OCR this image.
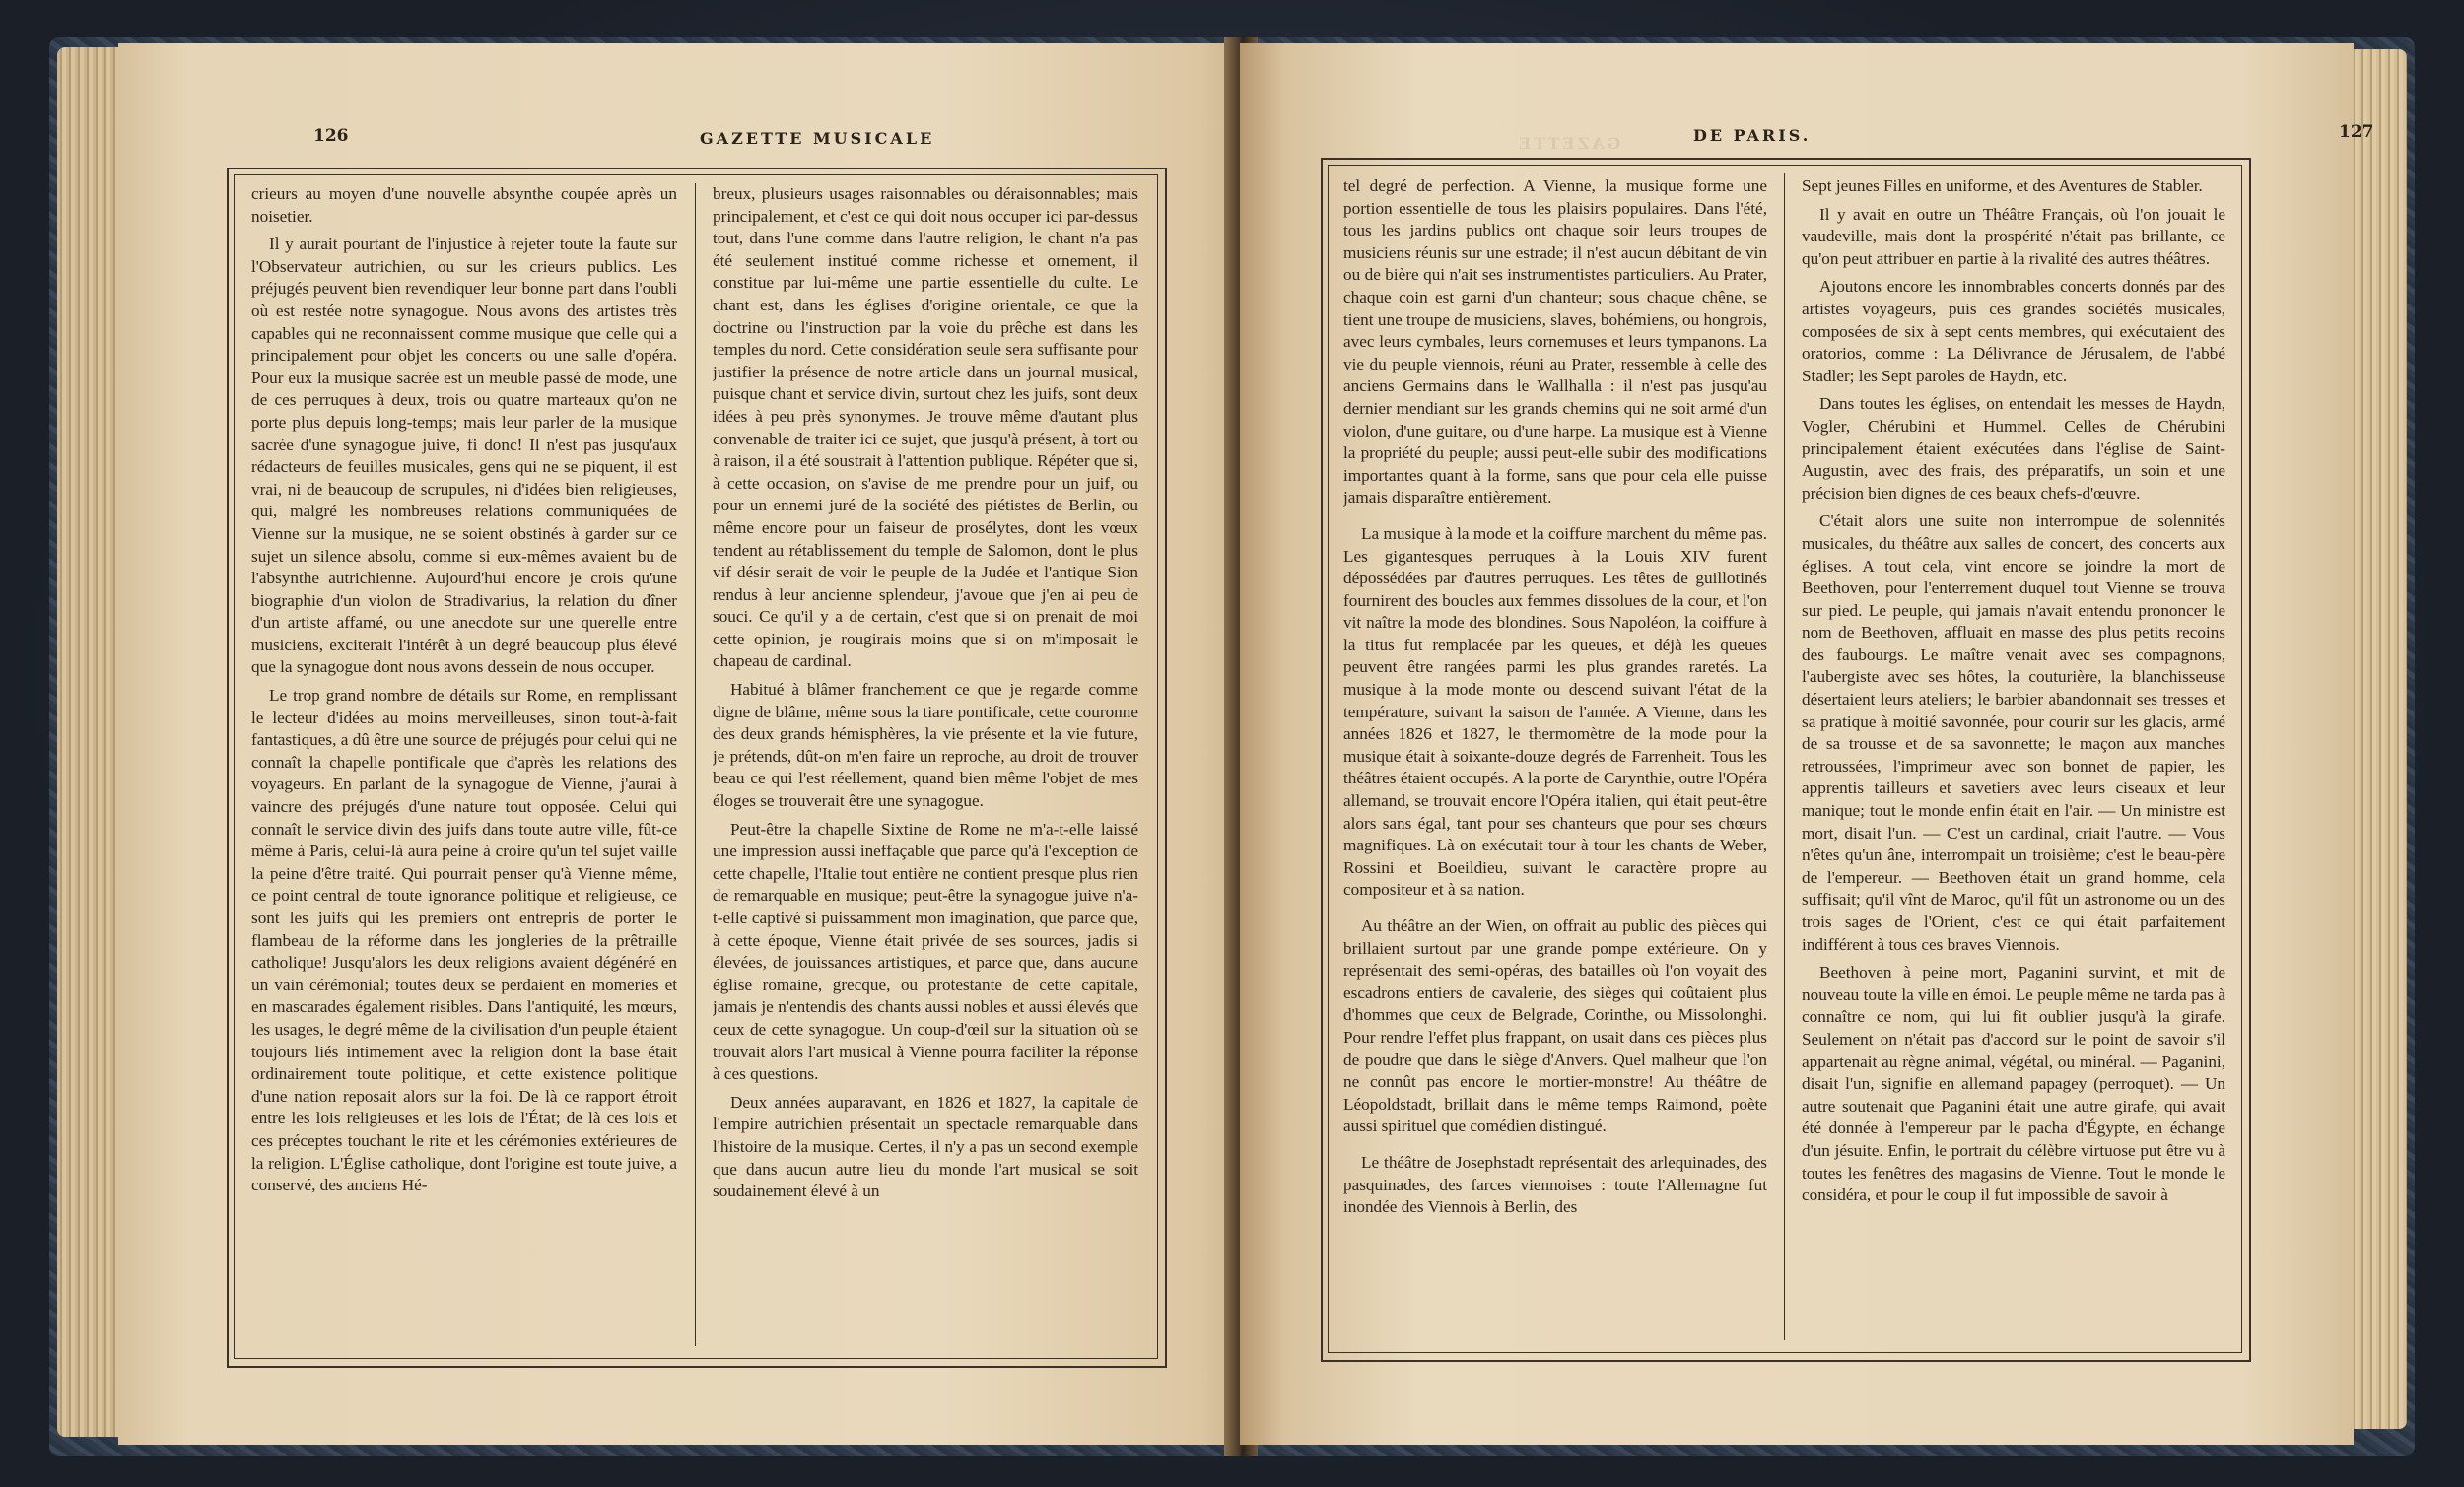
126	GAZETTE MUSICALE

crieurs au moyen d'une nouvelle absynthe coupée après un noisetier.

Il y aurait pourtant de l'injustice à rejeter toute la faute sur l'Observateur autrichien, ou sur les crieurs publics. Les préjugés peuvent bien revendiquer leur bonne part dans l'oubli où est restée notre synagogue. Nous avons des artistes très capables qui ne reconnaissent comme musique que celle qui a principalement pour objet les concerts ou une salle d'opéra. Pour eux la musique sacrée est un meuble passé de mode, une de ces perruques à deux, trois ou quatre marteaux qu'on ne porte plus depuis long-temps; mais leur parler de la musique sacrée d'une synagogue juive, fi donc! Il n'est pas jusqu'aux rédacteurs de feuilles musicales, gens qui ne se piquent, il est vrai, ni de beaucoup de scrupules, ni d'idées bien religieuses, qui, malgré les nombreuses relations communiquées de Vienne sur la musique, ne se soient obstinés à garder sur ce sujet un silence absolu, comme si eux-mêmes avaient bu de l'absynthe autrichienne. Aujourd'hui encore je crois qu'une biographie d'un violon de Stradivarius, la relation du dîner d'un artiste affamé, ou une anecdote sur une querelle entre musiciens, exciterait l'intérêt à un degré beaucoup plus élevé que la synagogue dont nous avons dessein de nous occuper.

Le trop grand nombre de détails sur Rome, en remplissant le lecteur d'idées au moins merveilleuses, sinon tout-à-fait fantastiques, a dû être une source de préjugés pour celui qui ne connaît la chapelle pontificale que d'après les relations des voyageurs. En parlant de la synagogue de Vienne, j'aurai à vaincre des préjugés d'une nature tout opposée. Celui qui connaît le service divin des juifs dans toute autre ville, fût-ce même à Paris, celui-là aura peine à croire qu'un tel sujet vaille la peine d'être traité. Qui pourrait penser qu'à Vienne même, ce point central de toute ignorance politique et religieuse, ce sont les juifs qui les premiers ont entrepris de porter le flambeau de la réforme dans les jongleries de la prêtraille catholique! Jusqu'alors les deux religions avaient dégénéré en un vain cérémonial; toutes deux se perdaient en momeries et en mascarades également risibles. Dans l'antiquité, les mœurs, les usages, le degré même de la civilisation d'un peuple étaient toujours liés intimement avec la religion dont la base était ordinairement toute politique, et cette existence politique d'une nation reposait alors sur la foi. De là ce rapport étroit entre les lois religieuses et les lois de l'État; de là ces lois et ces préceptes touchant le rite et les cérémonies extérieures de la religion. L'Église catholique, dont l'origine est toute juive, a conservé, des anciens Hé-

breux, plusieurs usages raisonnables ou déraisonnables; mais principalement, et c'est ce qui doit nous occuper ici par-dessus tout, dans l'une comme dans l'autre religion, le chant n'a pas été seulement institué comme richesse et ornement, il constitue par lui-même une partie essentielle du culte. Le chant est, dans les églises d'origine orientale, ce que la doctrine ou l'instruction par la voie du prêche est dans les temples du nord. Cette considération seule sera suffisante pour justifier la présence de notre article dans un journal musical, puisque chant et service divin, surtout chez les juifs, sont deux idées à peu près synonymes. Je trouve même d'autant plus convenable de traiter ici ce sujet, que jusqu'à présent, à tort ou à raison, il a été soustrait à l'attention publique. Répéter que si, à cette occasion, on s'avise de me prendre pour un juif, ou pour un ennemi juré de la société des piétistes de Berlin, ou même encore pour un faiseur de prosélytes, dont les vœux tendent au rétablissement du temple de Salomon, dont le plus vif désir serait de voir le peuple de la Judée et l'antique Sion rendus à leur ancienne splendeur, j'avoue que j'en ai peu de souci. Ce qu'il y a de certain, c'est que si on prenait de moi cette opinion, je rougirais moins que si on m'imposait le chapeau de cardinal.

Habitué à blâmer franchement ce que je regarde comme digne de blâme, même sous la tiare pontificale, cette couronne des deux grands hémisphères, la vie présente et la vie future, je prétends, dût-on m'en faire un reproche, au droit de trouver beau ce qui l'est réellement, quand bien même l'objet de mes éloges se trouverait être une synagogue.

Peut-être la chapelle Sixtine de Rome ne m'a-t-elle laissé une impression aussi ineffaçable que parce qu'à l'exception de cette chapelle, l'Italie tout entière ne contient presque plus rien de remarquable en musique; peut-être la synagogue juive n'a-t-elle captivé si puissamment mon imagination, que parce que, à cette époque, Vienne était privée de ses sources, jadis si élevées, de jouissances artistiques, et parce que, dans aucune église romaine, grecque, ou protestante de cette capitale, jamais je n'entendis des chants aussi nobles et aussi élevés que ceux de cette synagogue. Un coup-d'œil sur la situation où se trouvait alors l'art musical à Vienne pourra faciliter la réponse à ces questions.

Deux années auparavant, en 1826 et 1827, la capitale de l'empire autrichien présentait un spectacle remarquable dans l'histoire de la musique. Certes, il n'y a pas un second exemple que dans aucun autre lieu du monde l'art musical se soit soudainement élevé à un

GAZETTE	DE PARIS.	127

tel degré de perfection. A Vienne, la musique forme une portion essentielle de tous les plaisirs populaires. Dans l'été, tous les jardins publics ont chaque soir leurs troupes de musiciens réunis sur une estrade; il n'est aucun débitant de vin ou de bière qui n'ait ses instrumentistes particuliers. Au Prater, chaque coin est garni d'un chanteur; sous chaque chêne, se tient une troupe de musiciens, slaves, bohémiens, ou hongrois, avec leurs cymbales, leurs cornemuses et leurs tympanons. La vie du peuple viennois, réuni au Prater, ressemble à celle des anciens Germains dans le Wallhalla : il n'est pas jusqu'au dernier mendiant sur les grands chemins qui ne soit armé d'un violon, d'une guitare, ou d'une harpe. La musique est à Vienne la propriété du peuple; aussi peut-elle subir des modifications importantes quant à la forme, sans que pour cela elle puisse jamais disparaître entièrement.

La musique à la mode et la coiffure marchent du même pas. Les gigantesques perruques à la Louis XIV furent dépossédées par d'autres perruques. Les têtes de guillotinés fournirent des boucles aux femmes dissolues de la cour, et l'on vit naître la mode des blondines. Sous Napoléon, la coiffure à la titus fut remplacée par les queues, et déjà les queues peuvent être rangées parmi les plus grandes raretés. La musique à la mode monte ou descend suivant l'état de la température, suivant la saison de l'année. A Vienne, dans les années 1826 et 1827, le thermomètre de la mode pour la musique était à soixante-douze degrés de Farrenheit. Tous les théâtres étaient occupés. A la porte de Carynthie, outre l'Opéra allemand, se trouvait encore l'Opéra italien, qui était peut-être alors sans égal, tant pour ses chanteurs que pour ses chœurs magnifiques. Là on exécutait tour à tour les chants de Weber, Rossini et Boeildieu, suivant le caractère propre au compositeur et à sa nation.

Au théâtre an der Wien, on offrait au public des pièces qui brillaient surtout par une grande pompe extérieure. On y représentait des semi-opéras, des batailles où l'on voyait des escadrons entiers de cavalerie, des sièges qui coûtaient plus d'hommes que ceux de Belgrade, Corinthe, ou Missolonghi. Pour rendre l'effet plus frappant, on usait dans ces pièces plus de poudre que dans le siège d'Anvers. Quel malheur que l'on ne connût pas encore le mortier-monstre! Au théâtre de Léopoldstadt, brillait dans le même temps Raimond, poète aussi spirituel que comédien distingué.

Le théâtre de Josephstadt représentait des arlequinades, des pasquinades, des farces viennoises : toute l'Allemagne fut inondée des Viennois à Berlin, des

Sept jeunes Filles en uniforme, et des Aventures de Stabler.

Il y avait en outre un Théâtre Français, où l'on jouait le vaudeville, mais dont la prospérité n'était pas brillante, ce qu'on peut attribuer en partie à la rivalité des autres théâtres.

Ajoutons encore les innombrables concerts donnés par des artistes voyageurs, puis ces grandes sociétés musicales, composées de six à sept cents membres, qui exécutaient des oratorios, comme : La Délivrance de Jérusalem, de l'abbé Stadler; les Sept paroles de Haydn, etc.

Dans toutes les églises, on entendait les messes de Haydn, Vogler, Chérubini et Hummel. Celles de Chérubini principalement étaient exécutées dans l'église de Saint-Augustin, avec des frais, des préparatifs, un soin et une précision bien dignes de ces beaux chefs-d'œuvre.

C'était alors une suite non interrompue de solennités musicales, du théâtre aux salles de concert, des concerts aux églises. A tout cela, vint encore se joindre la mort de Beethoven, pour l'enterrement duquel tout Vienne se trouva sur pied. Le peuple, qui jamais n'avait entendu prononcer le nom de Beethoven, affluait en masse des plus petits recoins des faubourgs. Le maître venait avec ses compagnons, l'aubergiste avec ses hôtes, la couturière, la blanchisseuse désertaient leurs ateliers; le barbier abandonnait ses tresses et sa pratique à moitié savonnée, pour courir sur les glacis, armé de sa trousse et de sa savonnette; le maçon aux manches retroussées, l'imprimeur avec son bonnet de papier, les apprentis tailleurs et savetiers avec leurs ciseaux et leur manique; tout le monde enfin était en l'air. — Un ministre est mort, disait l'un. — C'est un cardinal, criait l'autre. — Vous n'êtes qu'un âne, interrompait un troisième; c'est le beau-père de l'empereur. — Beethoven était un grand homme, cela suffisait; qu'il vînt de Maroc, qu'il fût un astronome ou un des trois sages de l'Orient, c'est ce qui était parfaitement indifférent à tous ces braves Viennois.

Beethoven à peine mort, Paganini survint, et mit de nouveau toute la ville en émoi. Le peuple même ne tarda pas à connaître ce nom, qui lui fit oublier jusqu'à la girafe. Seulement on n'était pas d'accord sur le point de savoir s'il appartenait au règne animal, végétal, ou minéral. — Paganini, disait l'un, signifie en allemand papagey (perroquet). — Un autre soutenait que Paganini était une autre girafe, qui avait été donnée à l'empereur par le pacha d'Égypte, en échange d'un jésuite. Enfin, le portrait du célèbre virtuose put être vu à toutes les fenêtres des magasins de Vienne. Tout le monde le considéra, et pour le coup il fut impossible de savoir à
